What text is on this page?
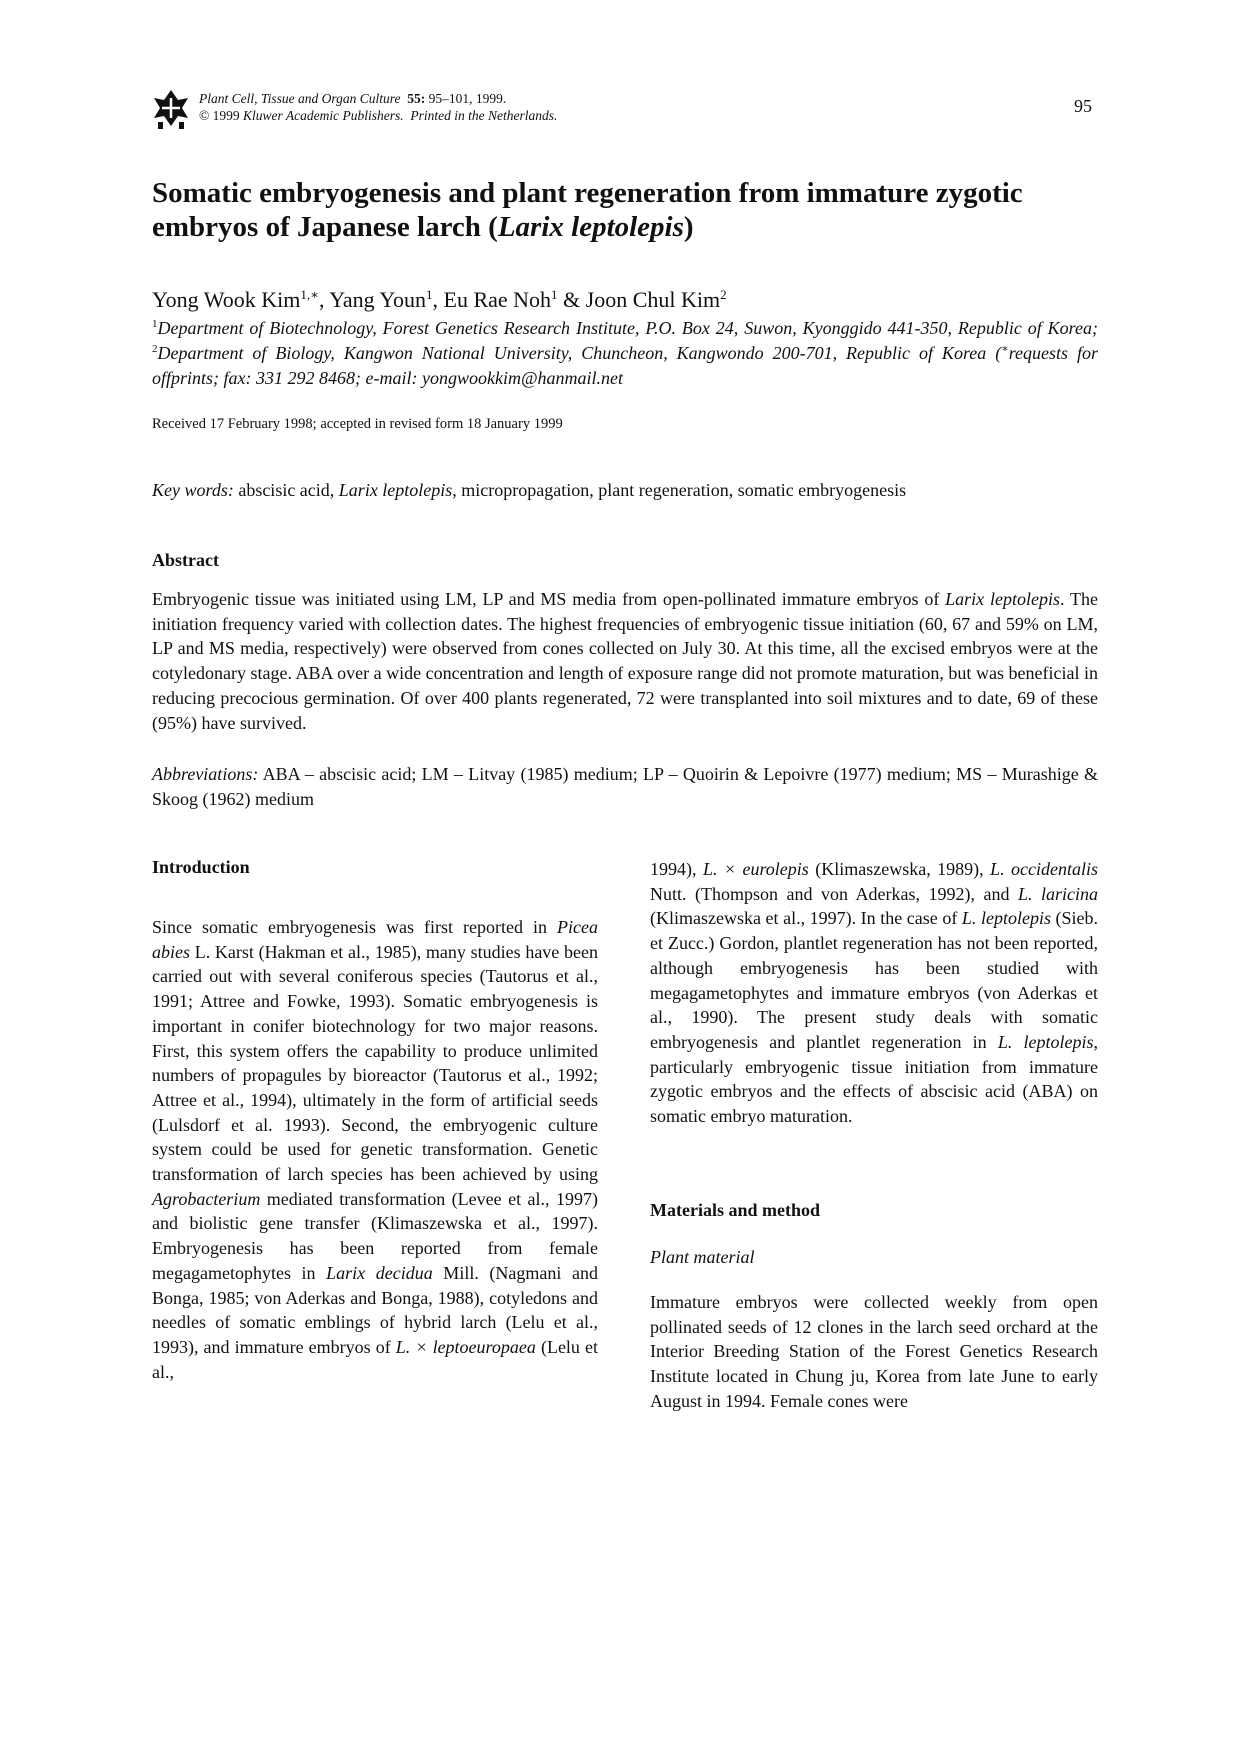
Plant Cell, Tissue and Organ Culture 55: 95–101, 1999.
© 1999 Kluwer Academic Publishers. Printed in the Netherlands.	95
Somatic embryogenesis and plant regeneration from immature zygotic embryos of Japanese larch (Larix leptolepis)
Yong Wook Kim$^{1,∗}$, Yang Youn$^1$, Eu Rae Noh$^1$ & Joon Chul Kim$^2$
$^1$Department of Biotechnology, Forest Genetics Research Institute, P.O. Box 24, Suwon, Kyonggido 441-350, Republic of Korea; $^2$Department of Biology, Kangwon National University, Chuncheon, Kangwondo 200-701, Republic of Korea (∗requests for offprints; fax: 331 292 8468; e-mail: yongwookkim@hanmail.net
Received 17 February 1998; accepted in revised form 18 January 1999
Key words: abscisic acid, Larix leptolepis, micropropagation, plant regeneration, somatic embryogenesis
Abstract

Embryogenic tissue was initiated using LM, LP and MS media from open-pollinated immature embryos of Larix leptolepis. The initiation frequency varied with collection dates. The highest frequencies of embryogenic tissue initiation (60, 67 and 59% on LM, LP and MS media, respectively) were observed from cones collected on July 30. At this time, all the excised embryos were at the cotyledonary stage. ABA over a wide concentration and length of exposure range did not promote maturation, but was beneficial in reducing precocious germination. Of over 400 plants regenerated, 72 were transplanted into soil mixtures and to date, 69 of these (95%) have survived.

Abbreviations: ABA – abscisic acid; LM – Litvay (1985) medium; LP – Quoirin & Lepoivre (1977) medium; MS – Murashige & Skoog (1962) medium

Introduction

Since somatic embryogenesis was first reported in Picea abies L. Karst (Hakman et al., 1985), many studies have been carried out with several coniferous species (Tautorus et al., 1991; Attree and Fowke, 1993). Somatic embryogenesis is important in conifer biotechnology for two major reasons. First, this system offers the capability to produce unlimited numbers of propagules by bioreactor (Tautorus et al., 1992; Attree et al., 1994), ultimately in the form of artificial seeds (Lulsdorf et al. 1993). Second, the embryogenic culture system could be used for genetic transformation. Genetic transformation of larch species has been achieved by using Agrobacterium mediated transformation (Levee et al., 1997) and biolistic gene transfer (Klimaszewska et al., 1997). Embryogenesis has been reported from female megagametophytes in Larix decidua Mill. (Nagmani and Bonga, 1985; von Aderkas and Bonga, 1988), cotyledons and needles of somatic emblings of hybrid larch (Lelu et al., 1993), and immature embryos of L. × leptoeuropaea (Lelu et al.,

1994), L. × eurolepis (Klimaszewska, 1989), L. occidentalis Nutt. (Thompson and von Aderkas, 1992), and L. laricina (Klimaszewska et al., 1997). In the case of L. leptolepis (Sieb. et Zucc.) Gordon, plantlet regeneration has not been reported, although embryogenesis has been studied with megagametophytes and immature embryos (von Aderkas et al., 1990). The present study deals with somatic embryogenesis and plantlet regeneration in L. leptolepis, particularly embryogenic tissue initiation from immature zygotic embryos and the effects of abscisic acid (ABA) on somatic embryo maturation.

Materials and method
Plant material

Immature embryos were collected weekly from open pollinated seeds of 12 clones in the larch seed orchard at the Interior Breeding Station of the Forest Genetics Research Institute located in Chung ju, Korea from late June to early August in 1994. Female cones were
